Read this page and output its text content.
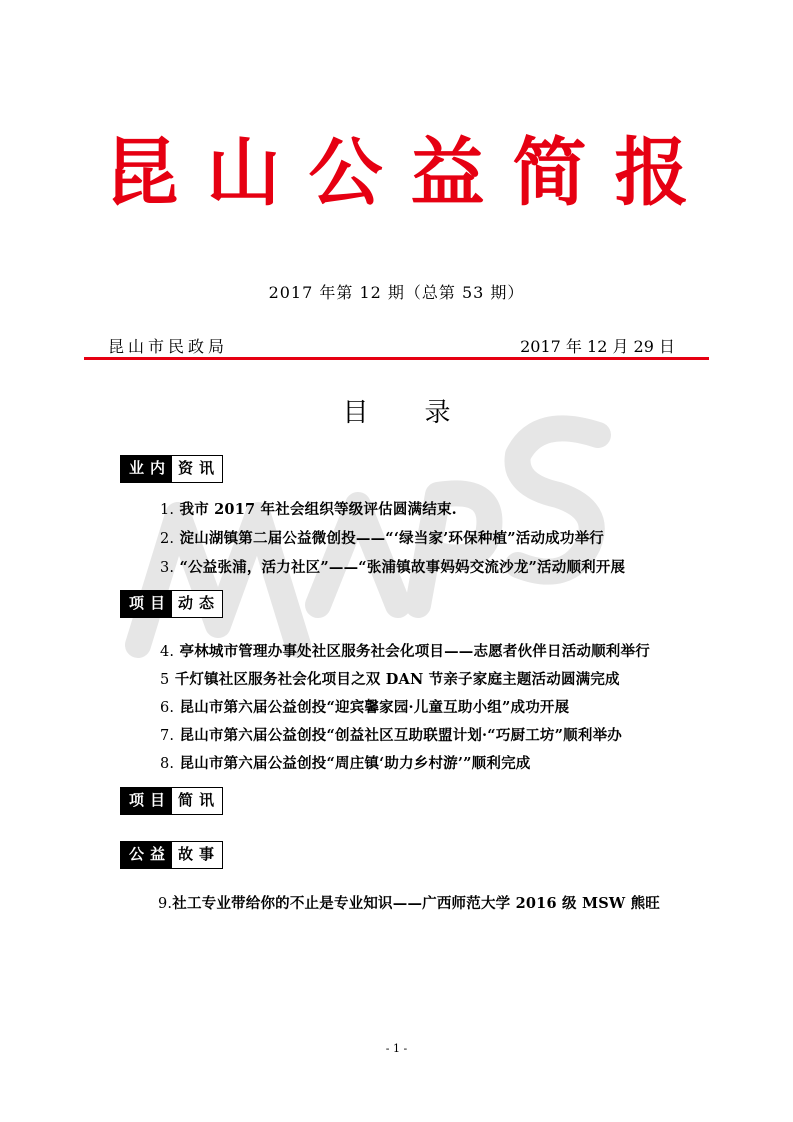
昆山公益简报
2017 年第 12 期（总第 53 期）
昆山市民政局	2017 年 12 月 29 日
目录
业内 资讯
1. 我市 2017 年社会组织等级评估圆满结束.
2. 淀山湖镇第二届公益微创投——“‘绿当家’环保种植”活动成功举行
3. “公益张浦，活力社区”——“张浦镇故事妈妈交流沙龙”活动顺利开展
项目 动态
4. 亭林城市管理办事处社区服务社会化项目——志愿者伙伴日活动顺利举行
5 千灯镇社区服务社会化项目之双 DAN 节亲子家庭主题活动圆满完成
6. 昆山市第六届公益创投“迎宾馨家园·儿童互助小组”成功开展
7. 昆山市第六届公益创投“创益社区互助联盟计划·“巧厨工坊”顺利举办
8. 昆山市第六届公益创投“周庄镇‘助力乡村游’”顺利完成
项目 简讯
公益 故事
9.社工专业带给你的不止是专业知识——广西师范大学 2016 级 MSW 熊旺
- 1 -
